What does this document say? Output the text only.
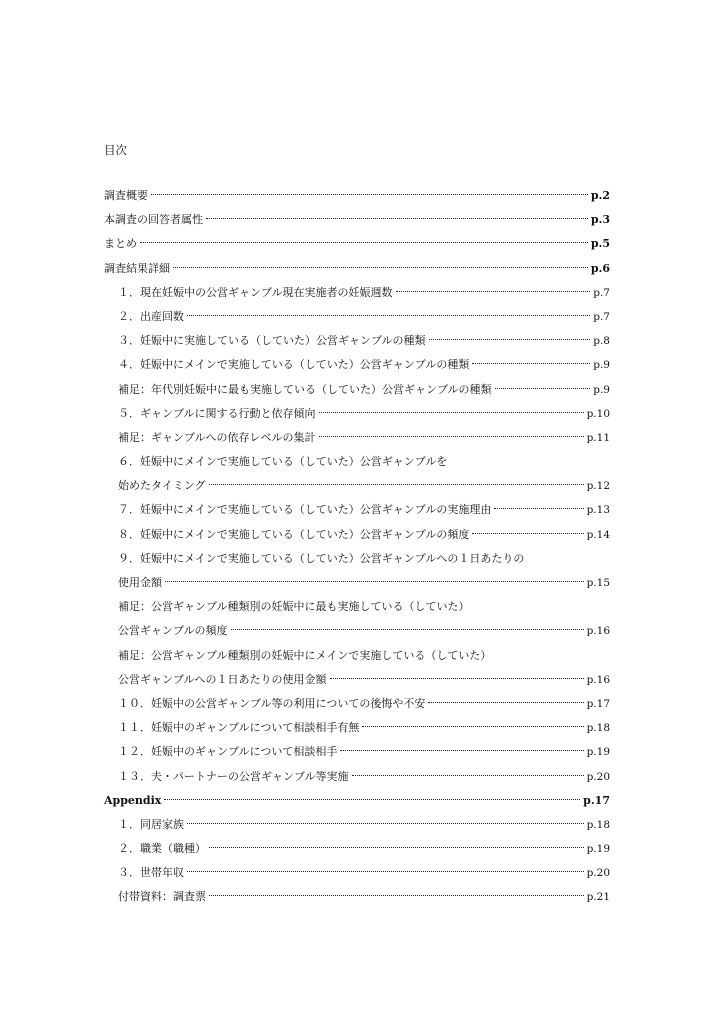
目次
調査概要	p.2
本調査の回答者属性	p.3
まとめ	p.5
調査結果詳細	p.6
１．現在妊娠中の公営ギャンブル現在実施者の妊娠週数	p.7
２．出産回数	p.7
３．妊娠中に実施している（していた）公営ギャンブルの種類	p.8
４．妊娠中にメインで実施している（していた）公営ギャンブルの種類	p.9
補足：年代別妊娠中に最も実施している（していた）公営ギャンブルの種類	p.9
５．ギャンブルに関する行動と依存傾向	p.10
補足：ギャンブルへの依存レベルの集計	p.11
６．妊娠中にメインで実施している（していた）公営ギャンブルを
始めたタイミング	p.12
７．妊娠中にメインで実施している（していた）公営ギャンブルの実施理由	p.13
８．妊娠中にメインで実施している（していた）公営ギャンブルの頻度	p.14
９．妊娠中にメインで実施している（していた）公営ギャンブルへの１日あたりの
使用金額	p.15
補足：公営ギャンブル種類別の妊娠中に最も実施している（していた）
公営ギャンブルの頻度	p.16
補足：公営ギャンブル種類別の妊娠中にメインで実施している（していた）
公営ギャンブルへの１日あたりの使用金額	p.16
１０．妊娠中の公営ギャンブル等の利用についての後悔や不安	p.17
１１．妊娠中のギャンブルについて相談相手有無	p.18
１２．妊娠中のギャンブルについて相談相手	p.19
１３．夫・パートナーの公営ギャンブル等実施	p.20
Appendix	p.17
１．同居家族	p.18
２．職業（職種）	p.19
３．世帯年収	p.20
付帯資料：調査票	p.21
